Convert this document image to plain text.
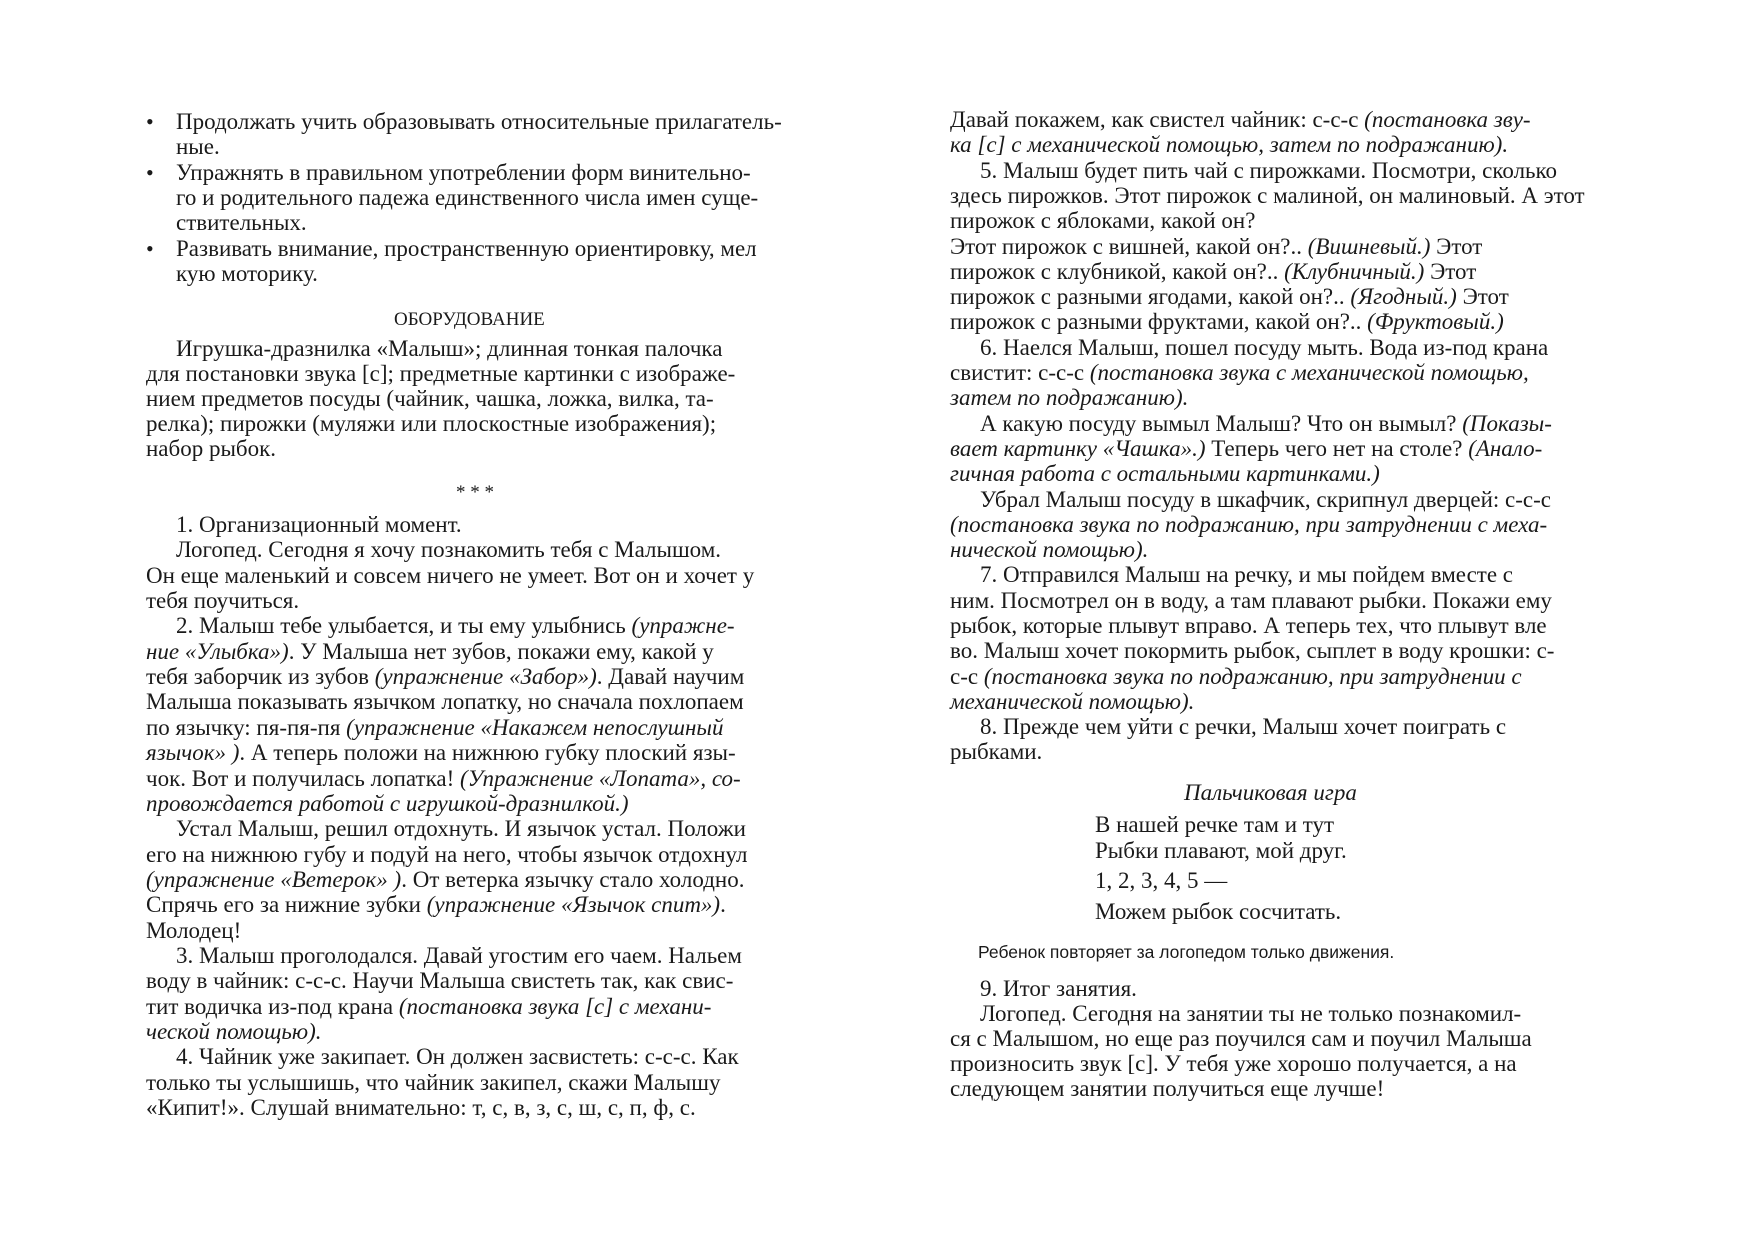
• Продолжать учить образовывать относительные прилагатель-
ные.
• Упражнять в правильном употреблении форм винительно-
го и родительного падежа единственного числа имен суще-
ствительных.
• Развивать внимание, пространственную ориентировку, мел
кую моторику.
ОБОРУДОВАНИЕ
Игрушка-дразнилка «Малыш»; длинная тонкая палочка
для постановки звука [с]; предметные картинки с изображе-
нием предметов посуды (чайник, чашка, ложка, вилка, та-
релка); пирожки (муляжи или плоскостные изображения);
набор рыбок.
* * *
1. Организационный момент.
Логопед. Сегодня я хочу познакомить тебя с Малышом.
Он еще маленький и совсем ничего не умеет. Вот он и хочет у
тебя поучиться.
2. Малыш тебе улыбается, и ты ему улыбнись (упражне-
ние «Улыбка»). У Малыша нет зубов, покажи ему, какой у
тебя заборчик из зубов (упражнение «Забор»). Давай научим
Малыша показывать язычком лопатку, но сначала похлопаем
по язычку: пя-пя-пя (упражнение «Накажем непослушный
язычок» ). А теперь положи на нижнюю губку плоский язы-
чок. Вот и получилась лопатка! (Упражнение «Лопата», со-
провождается работой с игрушкой-дразнилкой.)
Устал Малыш, решил отдохнуть. И язычок устал. Положи
его на нижнюю губу и подуй на него, чтобы язычок отдохнул
(упражнение «Ветерок» ). От ветерка язычку стало холодно.
Спрячь его за нижние зубки (упражнение «Язычок спит»).
Молодец!
3. Малыш проголодался. Давай угостим его чаем. Нальем
воду в чайник: с-с-с. Научи Малыша свистеть так, как свис-
тит водичка из-под крана (постановка звука [с] с механи-
ческой помощью).
4. Чайник уже закипает. Он должен засвистеть: с-с-с. Как
только ты услышишь, что чайник закипел, скажи Малышу
«Кипит!». Слушай внимательно: т, с, в, з, с, ш, с, п, ф, с.
Давай покажем, как свистел чайник: с-с-с (постановка зву-
ка [с] с механической помощью, затем по подражанию).
5. Малыш будет пить чай с пирожками. Посмотри, сколько
здесь пирожков. Этот пирожок с малиной, он малиновый. А этот
пирожок с яблоками, какой он?
Этот пирожок с вишней, какой он?.. (Вишневый.) Этот
пирожок с клубникой, какой он?.. (Клубничный.) Этот
пирожок с разными ягодами, какой он?.. (Ягодный.) Этот
пирожок с разными фруктами, какой он?.. (Фруктовый.)
6. Наелся Малыш, пошел посуду мыть. Вода из-под крана
свистит: с-с-с (постановка звука с механической помощью,
затем по подражанию).
А какую посуду вымыл Малыш? Что он вымыл? (Показы-
вает картинку «Чашка».) Теперь чего нет на столе? (Анало-
гичная работа с остальными картинками.)
Убрал Малыш посуду в шкафчик, скрипнул дверцей: с-с-с
(постановка звука по подражанию, при затруднении с меха-
нической помощью).
7. Отправился Малыш на речку, и мы пойдем вместе с
ним. Посмотрел он в воду, а там плавают рыбки. Покажи ему
рыбок, которые плывут вправо. А теперь тех, что плывут вле
во. Малыш хочет покормить рыбок, сыплет в воду крошки: с-
с-с (постановка звука по подражанию, при затруднении с
механической помощью).
8. Прежде чем уйти с речки, Малыш хочет поиграть с
рыбками.
Пальчиковая игра
В нашей речке там и тут
Рыбки плавают, мой друг.
1, 2, 3, 4, 5 —
Можем рыбок сосчитать.
Ребенок повторяет за логопедом только движения.
9. Итог занятия.
Логопед. Сегодня на занятии ты не только познакомил-
ся с Малышом, но еще раз поучился сам и поучил Малыша
произносить звук [с]. У тебя уже хорошо получается, а на
следующем занятии получиться еще лучше!
